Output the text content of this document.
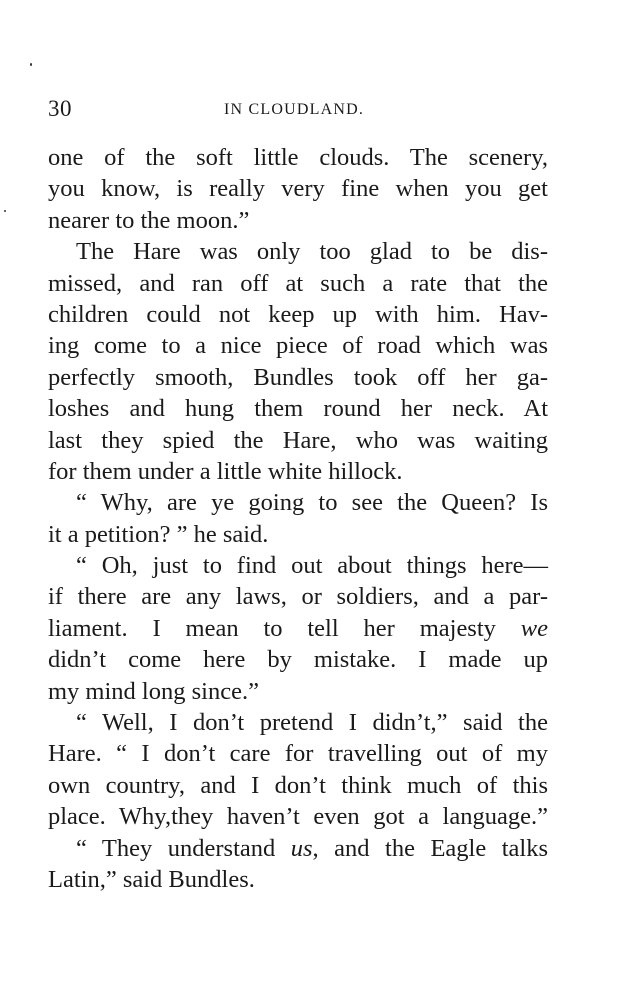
30	IN CLOUDLAND.
one of the soft little clouds. The scenery,
you know, is really very fine when you get
nearer to the moon.”
The Hare was only too glad to be dis-
missed, and ran off at such a rate that the
children could not keep up with him. Hav-
ing come to a nice piece of road which was
perfectly smooth, Bundles took off her ga-
loshes and hung them round her neck. At
last they spied the Hare, who was waiting
for them under a little white hillock.
“ Why, are ye going to see the Queen? Is
it a petition? ” he said.
“ Oh, just to find out about things here—
if there are any laws, or soldiers, and a par-
liament. I mean to tell her majesty we
didn’t come here by mistake. I made up
my mind long since.”
“ Well, I don’t pretend I didn’t,” said the
Hare. “ I don’t care for travelling out of my
own country, and I don’t think much of this
place. Why,they haven’t even got a language.”
“ They understand us, and the Eagle talks
Latin,” said Bundles.
